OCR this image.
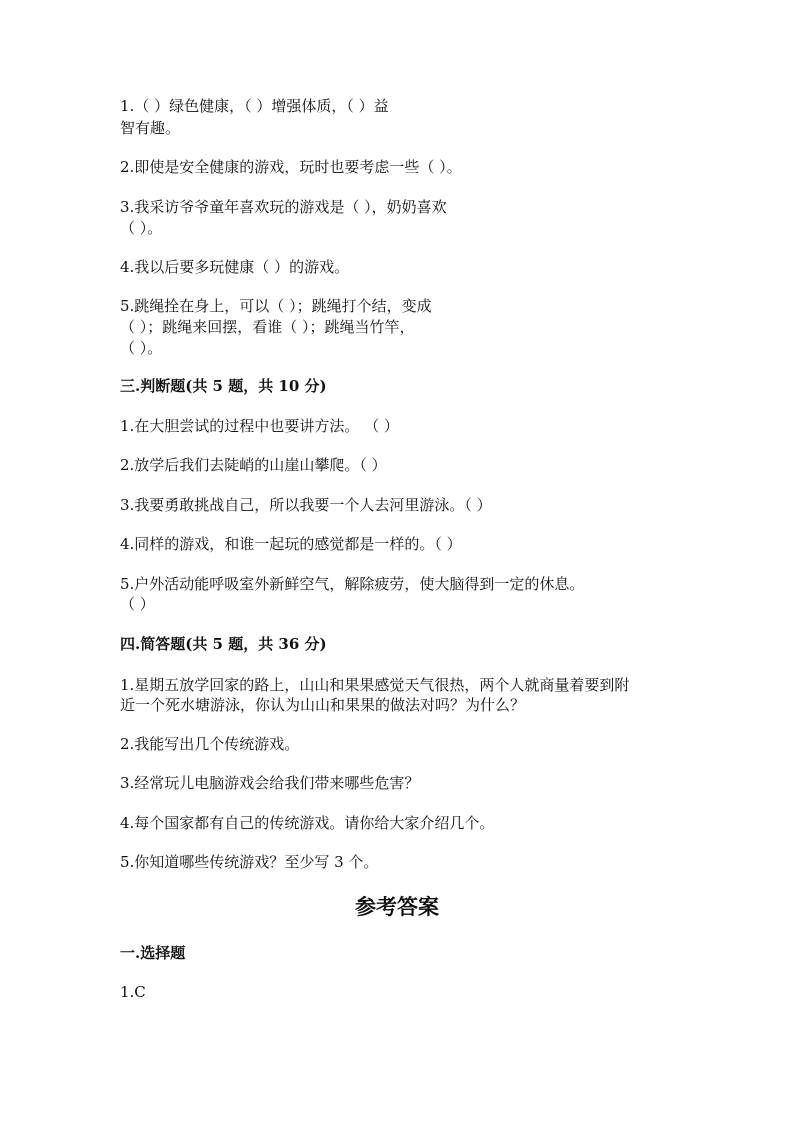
1.（ ）绿色健康，（ ）增强体质，（ ）益
智有趣。
2.即使是安全健康的游戏，玩时也要考虑一些（ ）。
3.我采访爷爷童年喜欢玩的游戏是（ ），奶奶喜欢
（ ）。
4.我以后要多玩健康（ ）的游戏。
5.跳绳拴在身上，可以（ ）；跳绳打个结，变成
（ ）；跳绳来回摆，看谁（ ）；跳绳当竹竿，
（ ）。
三.判断题(共 5 题，共 10 分)
1.在大胆尝试的过程中也要讲方法。 （ ）
2.放学后我们去陡峭的山崖山攀爬。（ ）
3.我要勇敢挑战自己，所以我要一个人去河里游泳。（ ）
4.同样的游戏，和谁一起玩的感觉都是一样的。（ ）
5.户外活动能呼吸室外新鲜空气，解除疲劳，使大脑得到一定的休息。
（ ）
四.简答题(共 5 题，共 36 分)
1.星期五放学回家的路上，山山和果果感觉天气很热，两个人就商量着要到附
近一个死水塘游泳，你认为山山和果果的做法对吗？为什么？
2.我能写出几个传统游戏。
3.经常玩儿电脑游戏会给我们带来哪些危害？
4.每个国家都有自己的传统游戏。请你给大家介绍几个。
5.你知道哪些传统游戏？至少写 3 个。
参考答案
一.选择题
1.C
